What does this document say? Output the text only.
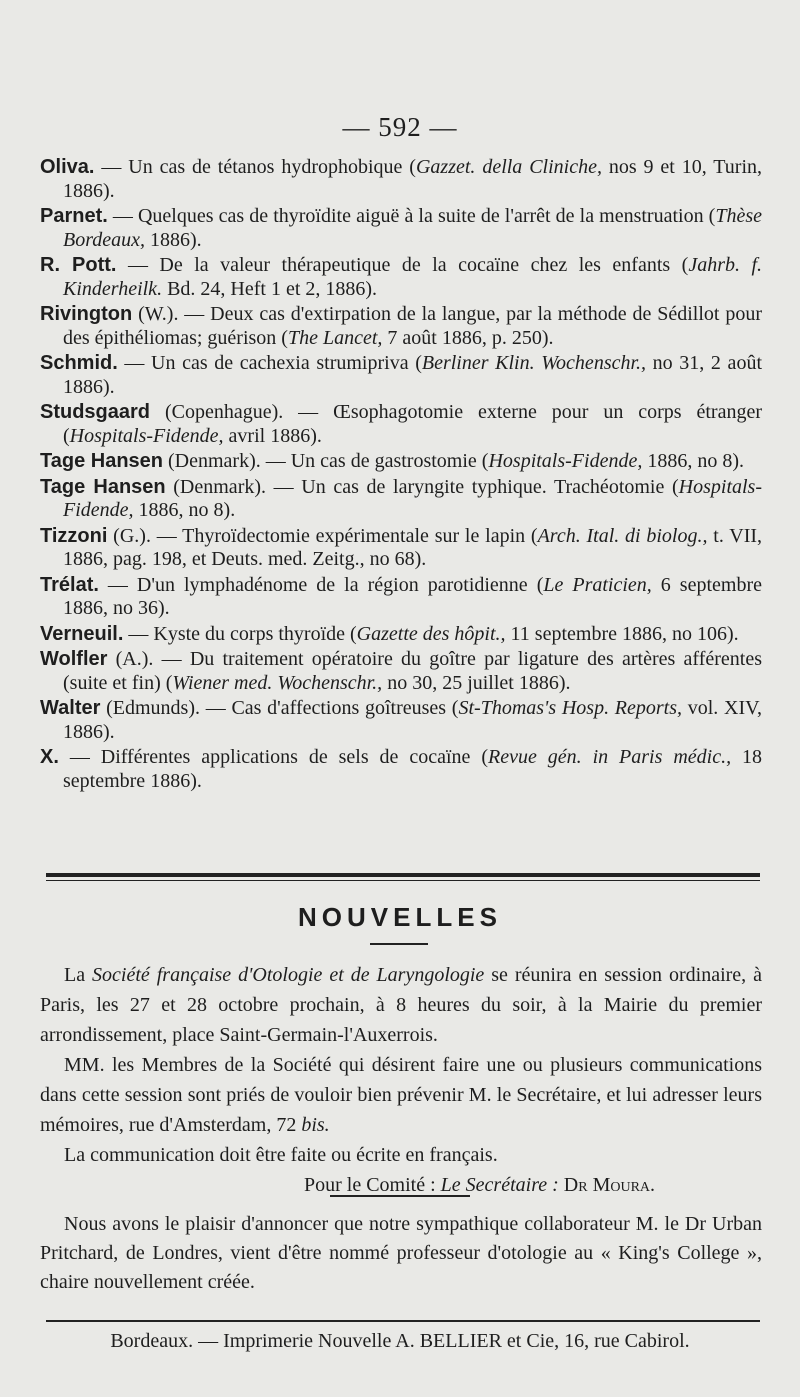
— 592 —

Oliva. — Un cas de tétanos hydrophobique (Gazzet. della Cliniche, nos 9 et 10, Turin, 1886).

Parnet. — Quelques cas de thyroïdite aiguë à la suite de l'arrêt de la menstruation (Thèse Bordeaux, 1886).

R. Pott. — De la valeur thérapeutique de la cocaïne chez les enfants (Jahrb. f. Kinderheilk. Bd. 24, Heft 1 et 2, 1886).

Rivington (W.). — Deux cas d'extirpation de la langue, par la méthode de Sédillot pour des épithéliomas; guérison (The Lancet, 7 août 1886, p. 250).

Schmid. — Un cas de cachexia strumipriva (Berliner Klin. Wochenschr., no 31, 2 août 1886).

Studsgaard (Copenhague). — Œsophagotomie externe pour un corps étranger (Hospitals-Fidende, avril 1886).

Tage Hansen (Denmark). — Un cas de gastrostomie (Hospitals-Fidende, 1886, no 8).

Tage Hansen (Denmark). — Un cas de laryngite typhique. Trachéotomie (Hospitals-Fidende, 1886, no 8).

Tizzoni (G.). — Thyroïdectomie expérimentale sur le lapin (Arch. Ital. di biolog., t. VII, 1886, pag. 198, et Deuts. med. Zeitg., no 68).

Trélat. — D'un lymphadénome de la région parotidienne (Le Praticien, 6 septembre 1886, no 36).

Verneuil. — Kyste du corps thyroïde (Gazette des hôpit., 11 septembre 1886, no 106).

Wolfler (A.). — Du traitement opératoire du goître par ligature des artères afférentes (suite et fin) (Wiener med. Wochenschr., no 30, 25 juillet 1886).

Walter (Edmunds). — Cas d'affections goîtreuses (St-Thomas's Hosp. Reports, vol. XIV, 1886).

X. — Différentes applications de sels de cocaïne (Revue gén. in Paris médic., 18 septembre 1886).

NOUVELLES

La Société française d'Otologie et de Laryngologie se réunira en session ordinaire, à Paris, les 27 et 28 octobre prochain, à 8 heures du soir, à la Mairie du premier arrondissement, place Saint-Germain-l'Auxerrois.

MM. les Membres de la Société qui désirent faire une ou plusieurs communications dans cette session sont priés de vouloir bien prévenir M. le Secrétaire, et lui adresser leurs mémoires, rue d'Amsterdam, 72 bis.

La communication doit être faite ou écrite en français.

Pour le Comité : Le Secrétaire : Dr Moura.

Nous avons le plaisir d'annoncer que notre sympathique collaborateur M. le Dr Urban Pritchard, de Londres, vient d'être nommé professeur d'otologie au « King's College », chaire nouvellement créée.

Bordeaux. — Imprimerie Nouvelle A. BELLIER et Cie, 16, rue Cabirol.
